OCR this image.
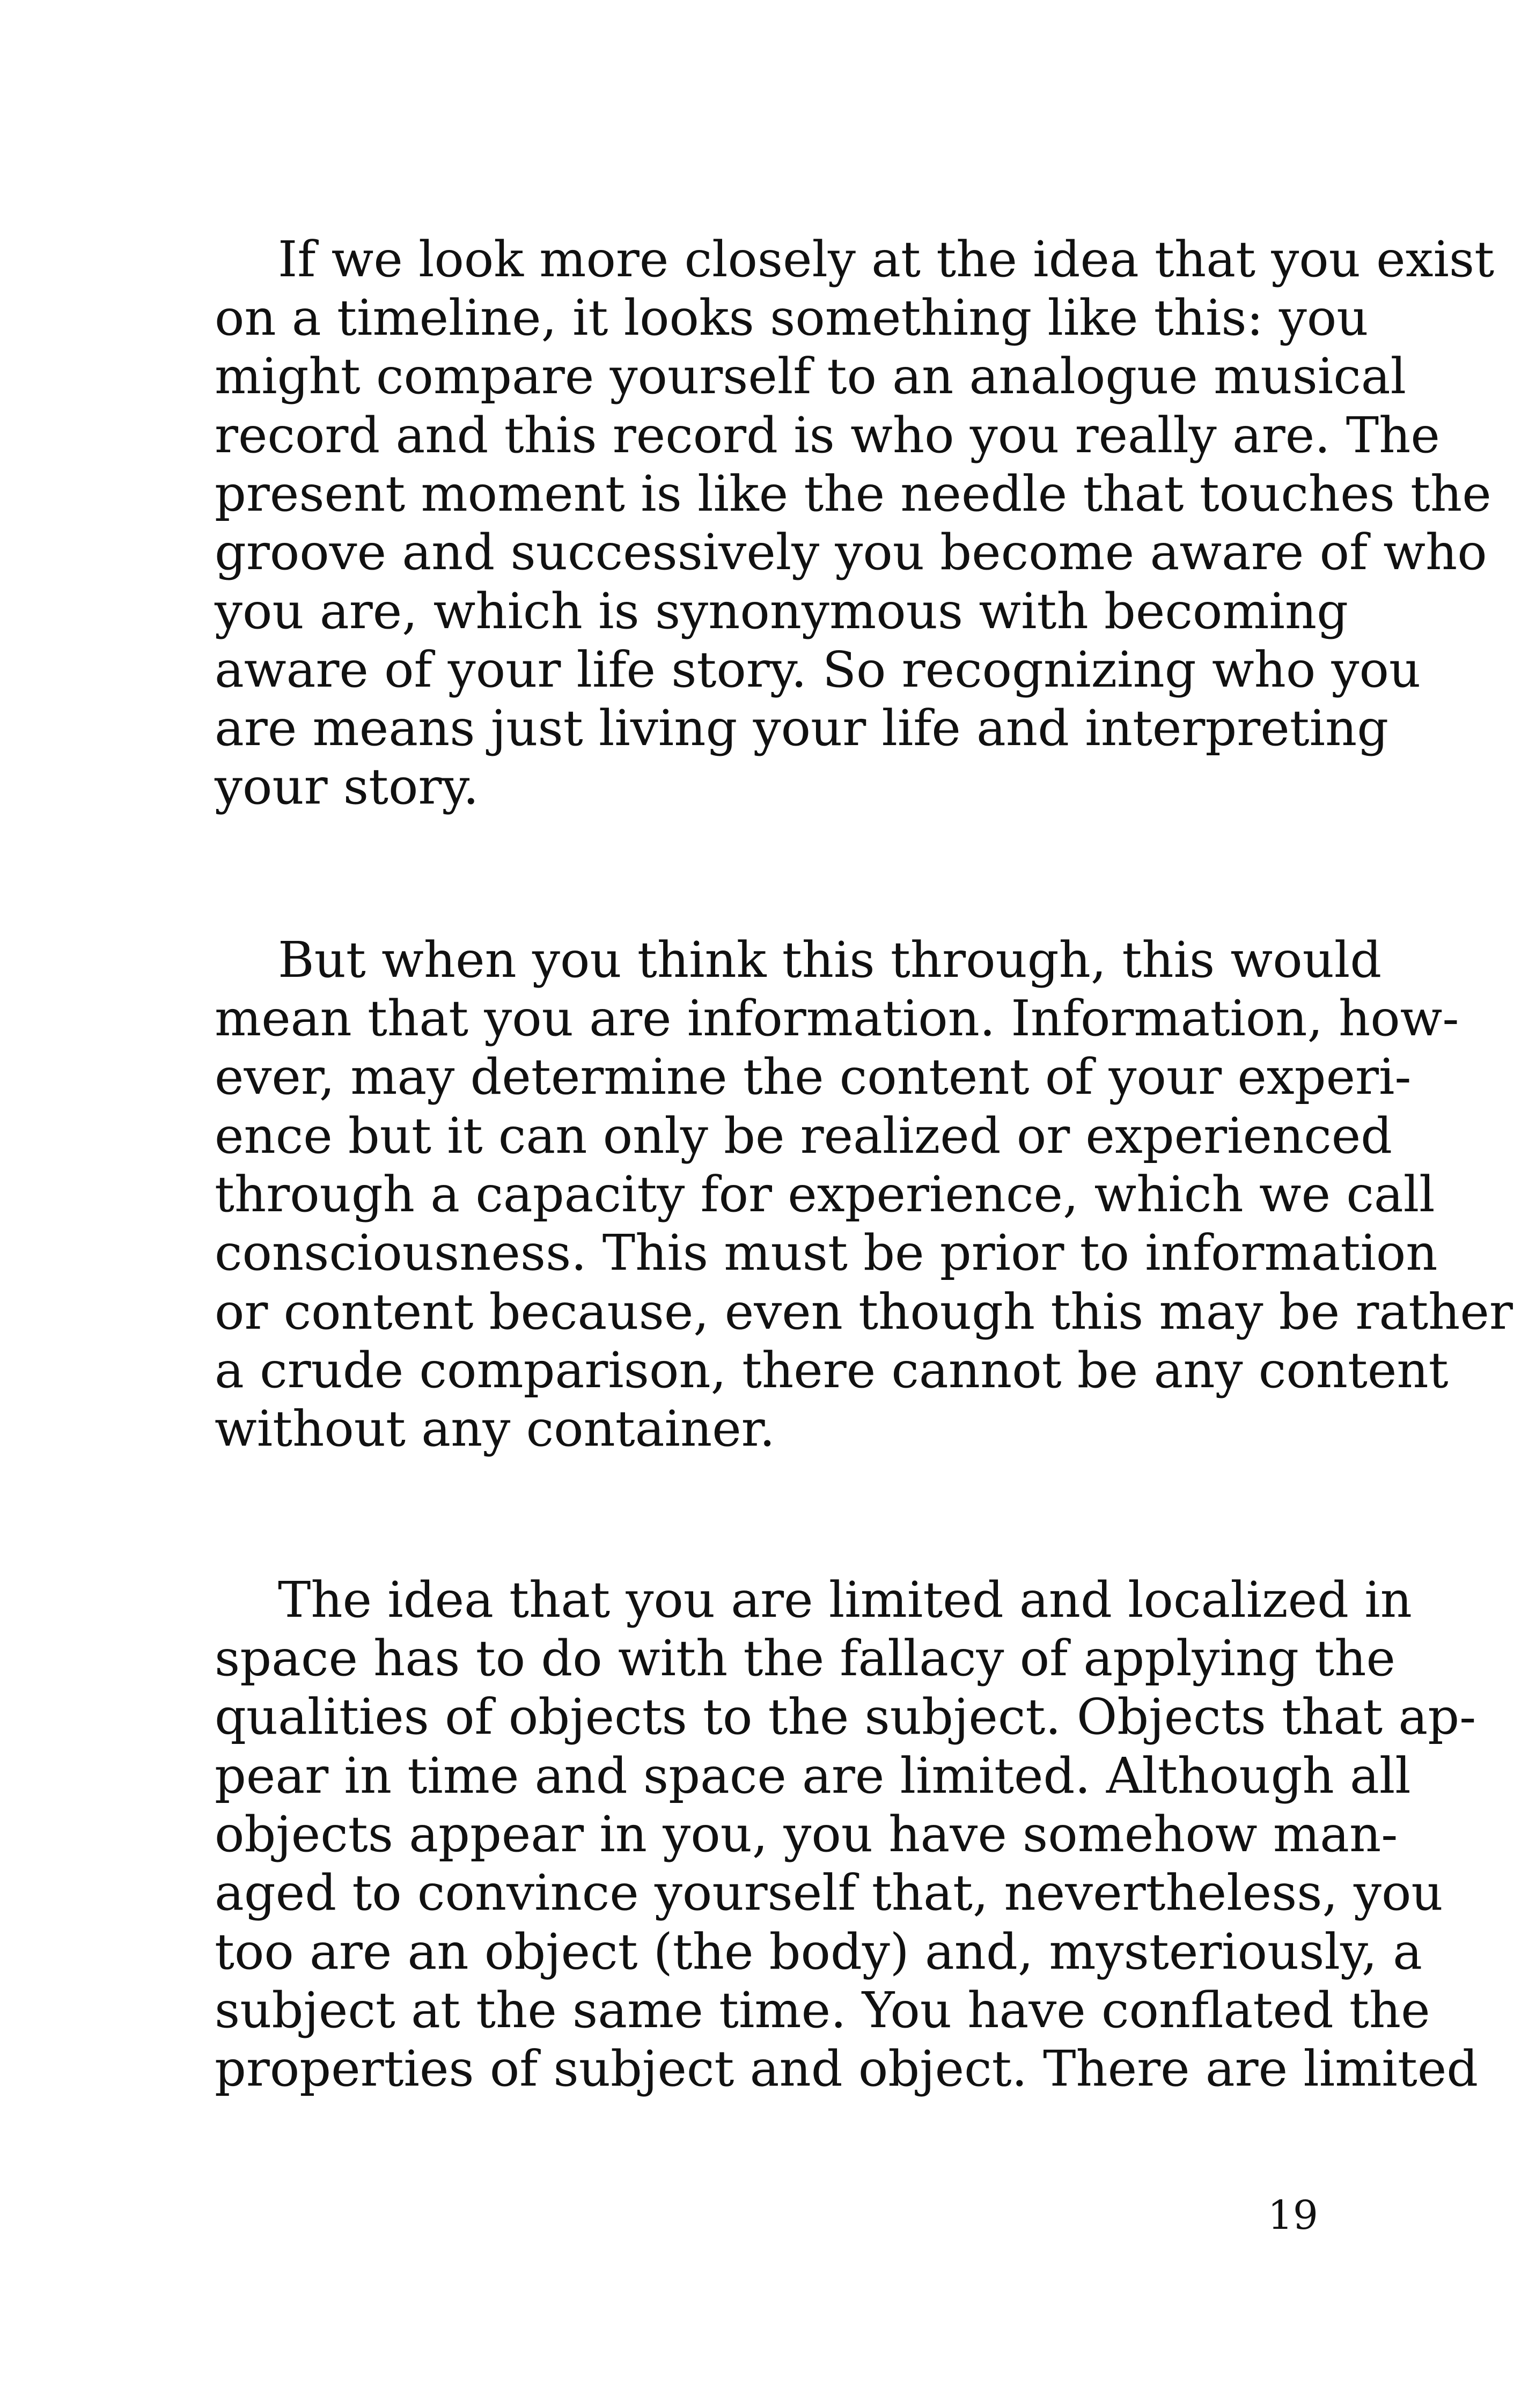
If we look more closely at the idea that you exist
on a timeline, it looks something like this: you
might compare yourself to an analogue musical
record and this record is who you really are. The
present moment is like the needle that touches the
groove and successively you become aware of who
you are, which is synonymous with becoming
aware of your life story. So recognizing who you
are means just living your life and interpreting
your story.
But when you think this through, this would
mean that you are information. Information, how-
ever, may determine the content of your experi-
ence but it can only be realized or experienced
through a capacity for experience, which we call
consciousness. This must be prior to information
or content because, even though this may be rather
a crude comparison, there cannot be any content
without any container.
The idea that you are limited and localized in
space has to do with the fallacy of applying the
qualities of objects to the subject. Objects that ap-
pear in time and space are limited. Although all
objects appear in you, you have somehow man-
aged to convince yourself that, nevertheless, you
too are an object (the body) and, mysteriously, a
subject at the same time. You have conflated the
properties of subject and object. There are limited
19
